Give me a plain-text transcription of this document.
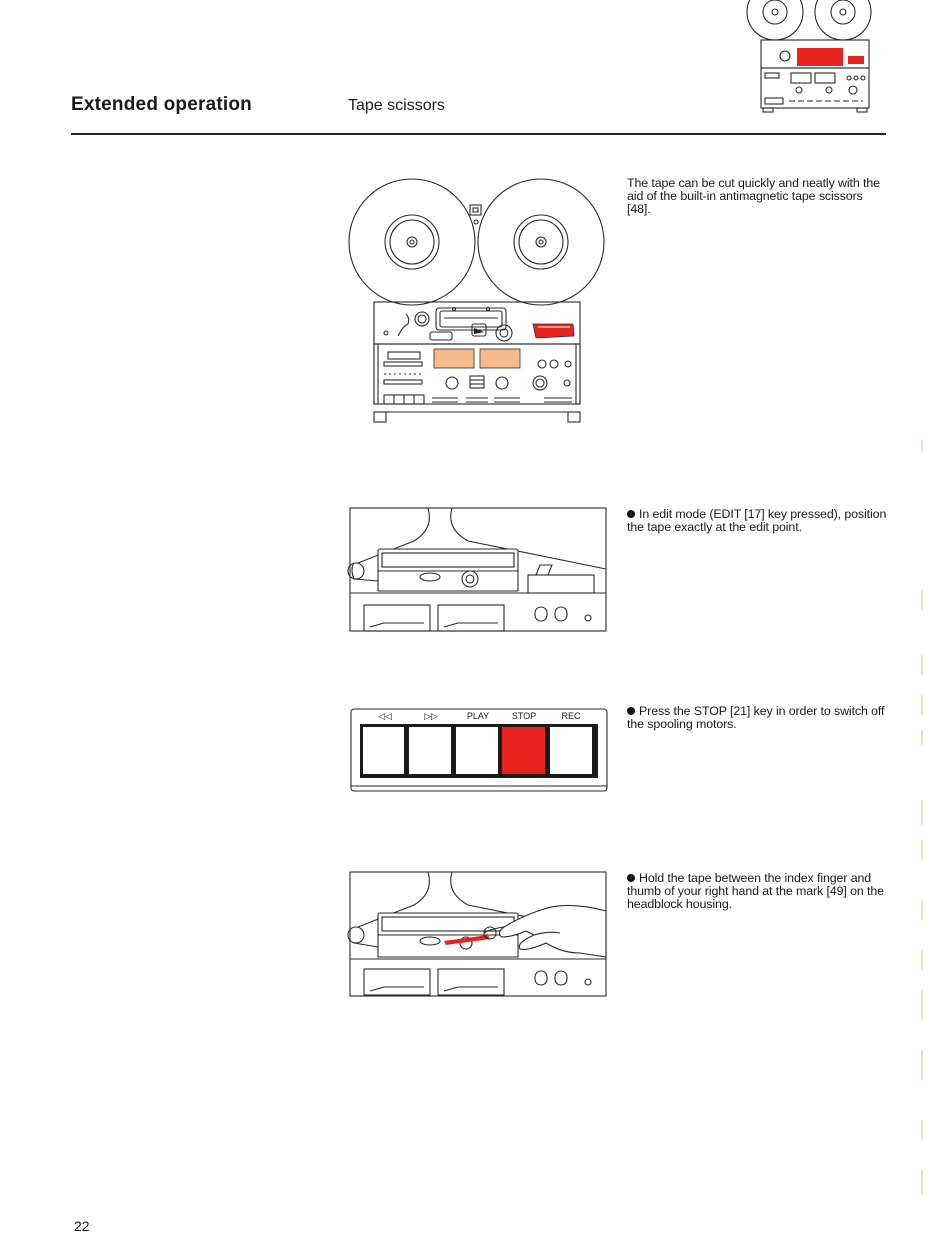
Extended operation	Tape scissors
The tape can be cut quickly and neatly with the aid of the built-in antimagnetic tape scissors [48].
In edit mode (EDIT [17] key pressed), position the tape exactly at the edit point.
◁◁	▷▷	PLAY	STOP	REC	Press the STOP [21] key in order to switch off the spooling motors.
Hold the tape between the index finger and thumb of your right hand at the mark [49] on the headblock housing.
22
